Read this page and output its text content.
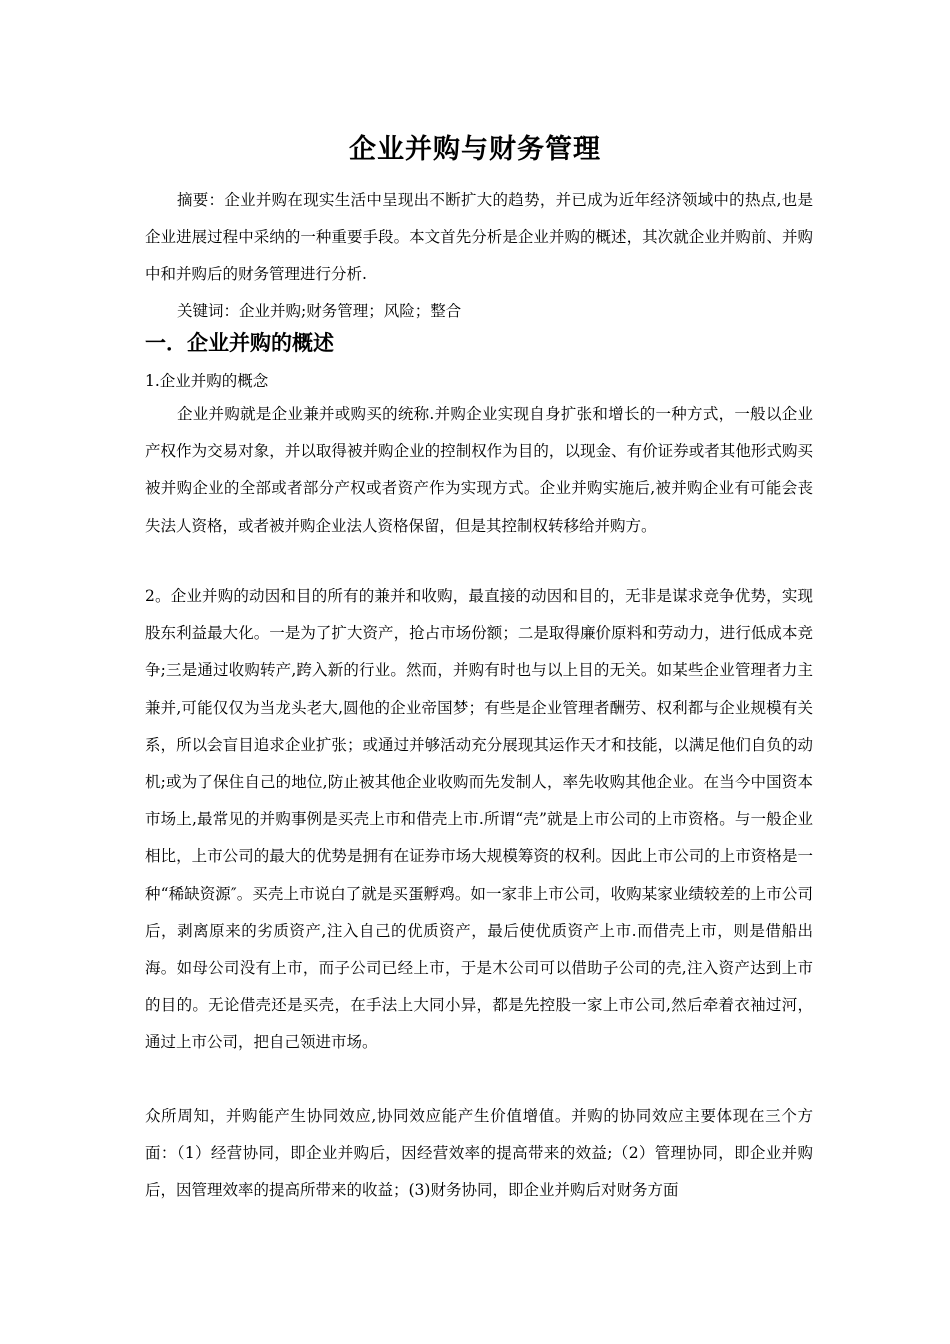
企业并购与财务管理
摘要：企业并购在现实生活中呈现出不断扩大的趋势，并已成为近年经济领域中的热点,也是企业进展过程中采纳的一种重要手段。本文首先分析是企业并购的概述，其次就企业并购前、并购中和并购后的财务管理进行分析.
关键词：企业并购;财务管理；风险；整合
一．企业并购的概述
1.企业并购的概念
企业并购就是企业兼并或购买的统称.并购企业实现自身扩张和增长的一种方式，一般以企业产权作为交易对象，并以取得被并购企业的控制权作为目的，以现金、有价证券或者其他形式购买被并购企业的全部或者部分产权或者资产作为实现方式。企业并购实施后,被并购企业有可能会丧失法人资格，或者被并购企业法人资格保留，但是其控制权转移给并购方。
2。企业并购的动因和目的所有的兼并和收购，最直接的动因和目的，无非是谋求竞争优势，实现股东利益最大化。一是为了扩大资产，抢占市场份额；二是取得廉价原料和劳动力，进行低成本竞争;三是通过收购转产,跨入新的行业。然而，并购有时也与以上目的无关。如某些企业管理者力主兼并,可能仅仅为当龙头老大,圆他的企业帝国梦；有些是企业管理者酬劳、权利都与企业规模有关系，所以会盲目追求企业扩张；或通过并够活动充分展现其运作天才和技能，以满足他们自负的动机;或为了保住自己的地位,防止被其他企业收购而先发制人，率先收购其他企业。在当今中国资本市场上,最常见的并购事例是买壳上市和借壳上市.所谓“壳”就是上市公司的上市资格。与一般企业相比，上市公司的最大的优势是拥有在证券市场大规模筹资的权利。因此上市公司的上市资格是一种“稀缺资源″。买壳上市说白了就是买蛋孵鸡。如一家非上市公司，收购某家业绩较差的上市公司后，剥离原来的劣质资产,注入自己的优质资产，最后使优质资产上市.而借壳上市，则是借船出海。如母公司没有上市，而子公司已经上市，于是木公司可以借助子公司的壳,注入资产达到上市的目的。无论借壳还是买壳，在手法上大同小异，都是先控股一家上市公司,然后牵着衣袖过河，通过上市公司，把自己领进市场。
众所周知，并购能产生协同效应,协同效应能产生价值增值。并购的协同效应主要体现在三个方面：（1）经营协同，即企业并购后，因经营效率的提高带来的效益;（2）管理协同，即企业并购后，因管理效率的提高所带来的收益；(3)财务协同，即企业并购后对财务方面
